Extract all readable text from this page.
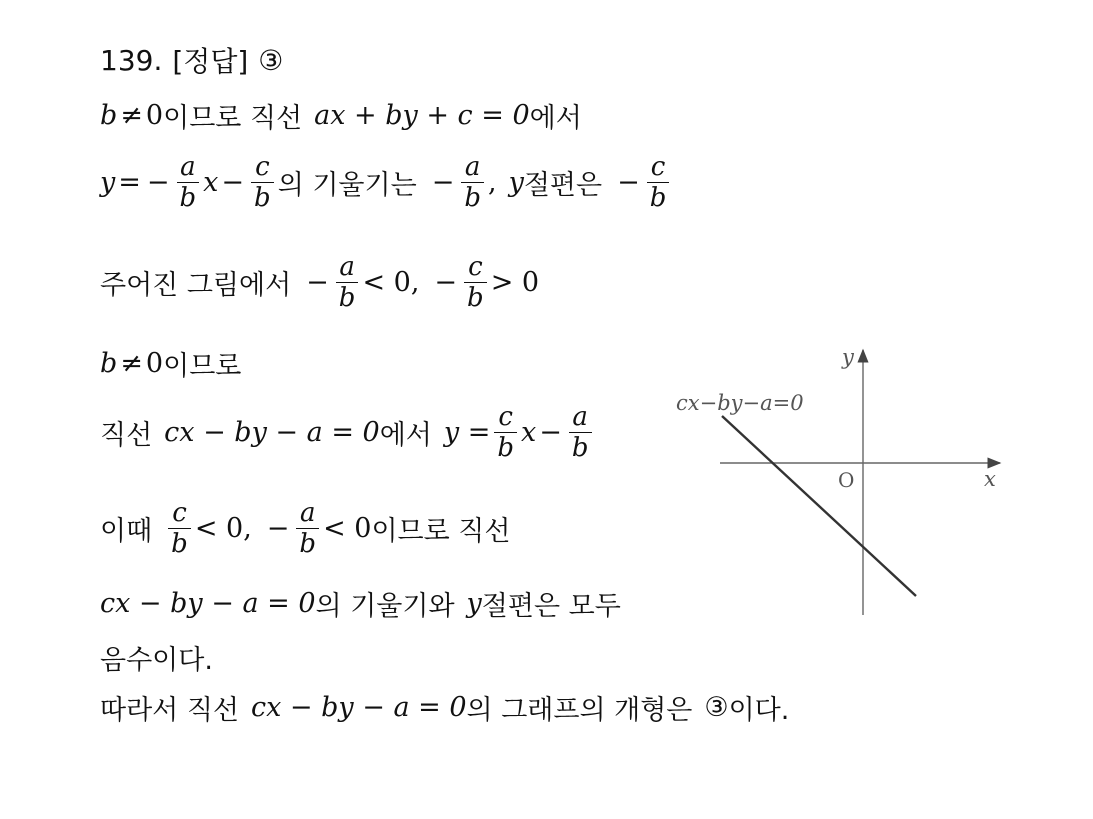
139. [정답] ③
b ≠ 0 이므로 직선 ax + by + c = 0 에서
y = − $\frac{a}{b}$ $x - \frac{c}{b}$ 의 기울기는 − $\frac{a}{b}$ , y 절편은 − $\frac{c}{b}$
주어진 그림에서 − $\frac{a}{b} < 0$, − $\frac{c}{b} > 0$
b ≠ 0 이므로
직선 cx − by − a = 0 에서 $y = \frac{c}{b}$ $x - \frac{a}{b}$
이때 $\frac{c}{b} < 0$, − $\frac{a}{b} < 0$ 이므로 직선
cx − by − a = 0 의 기울기와 y 절편은 모두
음수이다.
따라서 직선 cx − by − a = 0 의 그래프의 개형은 ③ 이다.
cx−by−a=0
O	x
y
